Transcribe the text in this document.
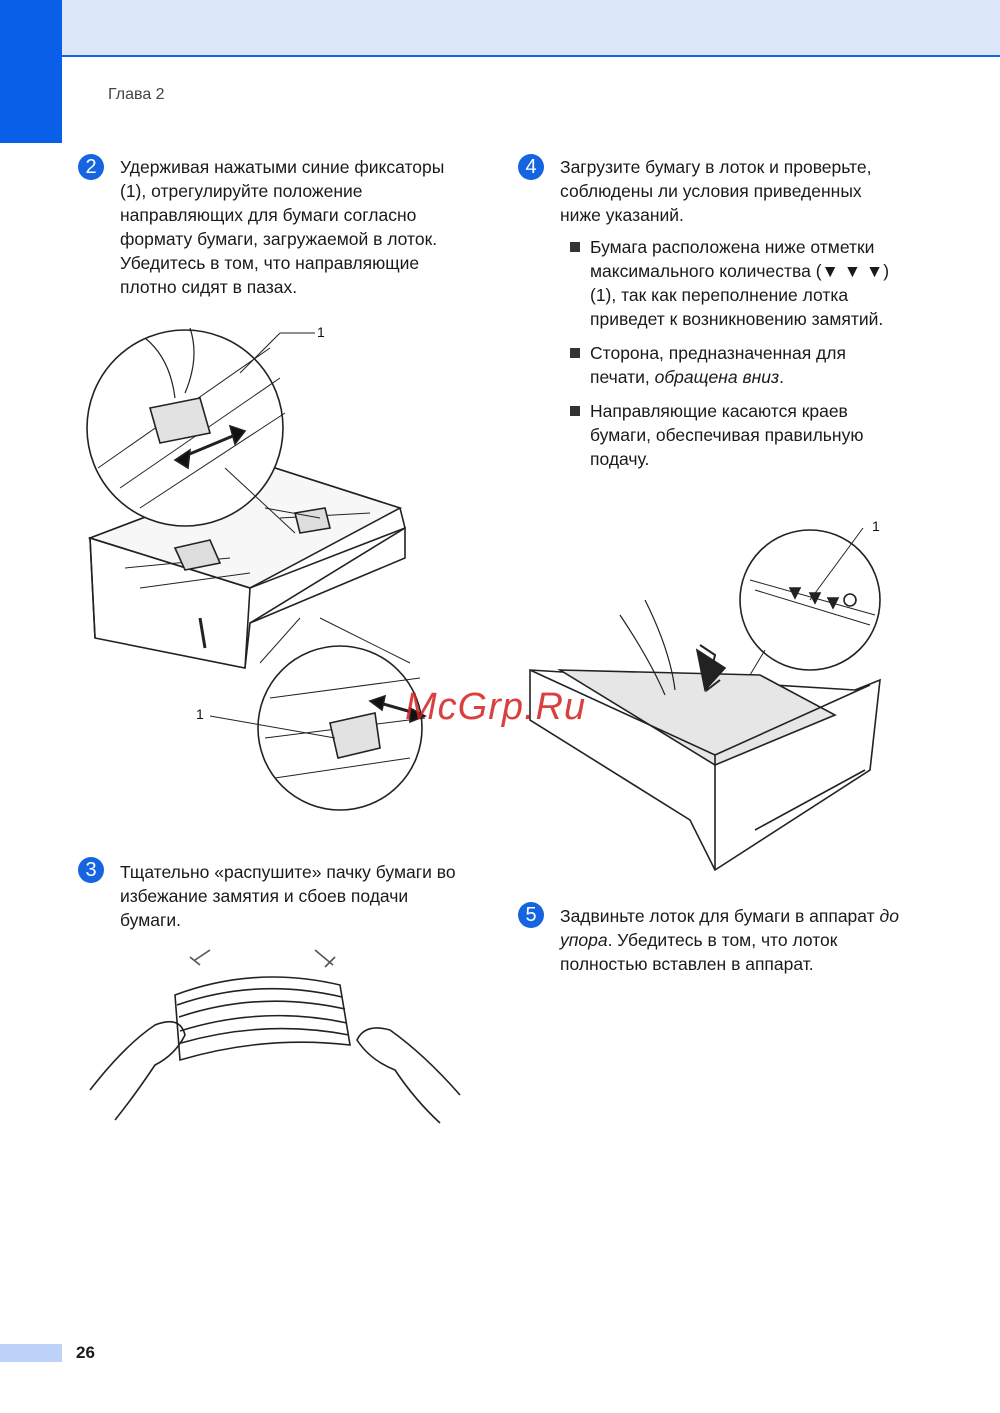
Глава 2
2	Удерживая нажатыми синие фиксаторы (1), отрегулируйте положение направляющих для бумаги согласно формату бумаги, загружаемой в лоток. Убедитесь в том, что направляющие плотно сидят в пазах.
1
1
3	Тщательно «распушите» пачку бумаги во избежание замятия и сбоев подачи бумаги.
4	Загрузите бумагу в лоток и проверьте, соблюдены ли условия приведенных ниже указаний.
Бумага расположена ниже отметки максимального количества (▼ ▼ ▼) (1), так как переполнение лотка приведет к возникновению замятий.
Сторона, предназначенная для печати, обращена вниз.
Направляющие касаются краев бумаги, обеспечивая правильную подачу.
1
5	Задвиньте лоток для бумаги в аппарат до упора. Убедитесь в том, что лоток полностью вставлен в аппарат.
McGrp.Ru
26
